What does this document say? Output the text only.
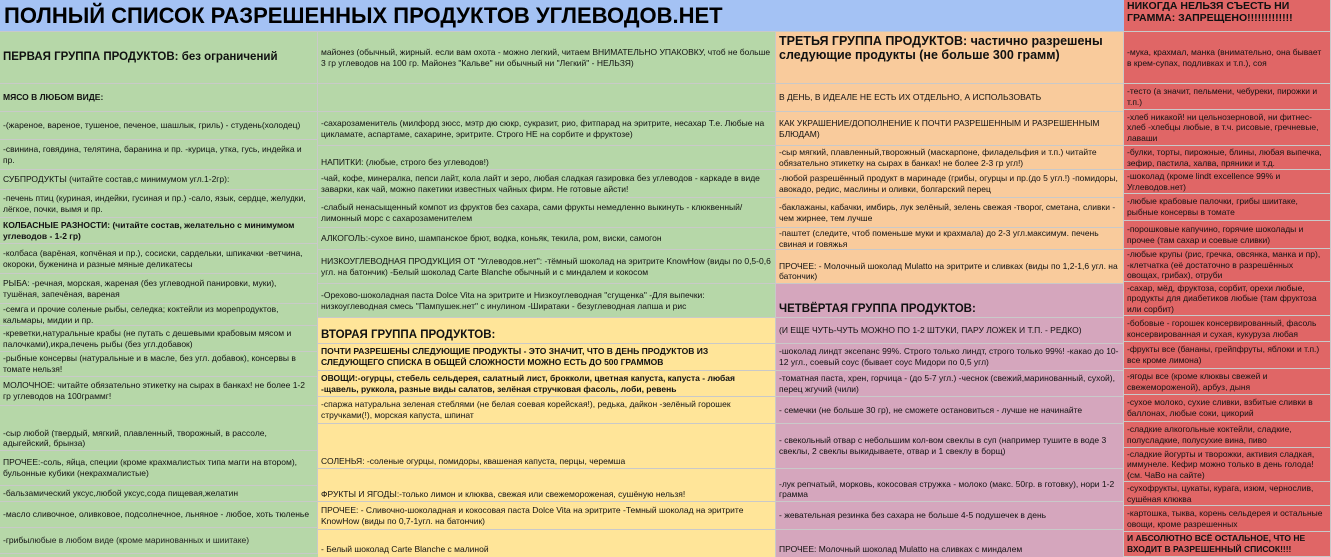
ПОЛНЫЙ СПИСОК РАЗРЕШЕННЫХ ПРОДУКТОВ УГЛЕВОДОВ.НЕТ
ПЕРВАЯ ГРУППА ПРОДУКТОВ: без ограничений
МЯСО В ЛЮБОМ ВИДЕ:
-(жареное, вареное, тушеное, печеное, шашлык, гриль) - студень(холодец)
-свинина, говядина, телятина, баранина и пр. -курица, утка, гусь, индейка и пр.
СУБПРОДУКТЫ (читайте состав,с минимумом угл.1-2гр):
-печень птиц (куриная, индейки, гусиная и пр.) -сало, язык, сердце, желудки, лёгкое, почки, вымя и пр.
КОЛБАСНЫЕ РАЗНОСТИ: (читайте состав, желательно с минимумом углеводов - 1-2 гр)
-колбаса (варёная, копчёная и пр.), сосиски, сардельки, шпикачки -ветчина, окороки, буженина и разные мяные деликатесы
РЫБА: -речная, морская, жареная (без углеводной панировки, муки), тушёная, запечёная, вареная
-семга и прочие соленые рыбы, селедка; коктейли из морепродуктов, кальмары, мидии и пр.
-креветки,натуральные крабы (не путать с дешевыми крабовым мясом и палочками),икра,печень рыбы (без угл.добавок)
-рыбные консервы (натуральные и в масле, без угл. добавок), консервы в томате нельзя!
МОЛОЧНОЕ: читайте обязательно этикетку на сырах в банках! не более 1-2 гр углеводов на 100граммг!
-сыр любой (твердый, мягкий, плавленный, творожный, в рассоле, адыгейский, брынза)
ПРОЧЕЕ:-соль, яйца, специи (кроме крахмалистых типа магги на втором), бульонные кубики (некрахмалистые)
-бальзамический уксус,любой уксус,сода пищевая,желатин
-масло сливочное, оливковое, подсолнечное, льняное - любое, хоть тюленье
-грибы любые в любом виде (кроме маринованных и шиитаке)
майонез (обычный, жирный. если вам охота - можно легкий, читаем ВНИМАТЕЛЬНО УПАКОВКУ, чтоб не больше 3 гр углеводов на 100 гр. Майонез "Кальве" ни обычный ни "Легкий" - НЕЛЬЗЯ)
-сахарозаменитель (милфорд зюсс, мэтр дю сюкр, сукразит, рио, фитпарад на эритрите, несахар Т.е. Любые на цикламате, аспартаме, сахарине, эритрите. Строго НЕ на сорбите и фруктозе)
НАПИТКИ: (любые, строго без углеводов!)
-чай, кофе, минералка, пепси лайт, кола лайт и зеро, любая сладкая газировка без углеводов - каркаде в виде заварки, как чай, можно пакетики известных чайных фирм. Не готовые айсти!
-слабый ненасыщенный компот из фруктов без сахара, сами фрукты немедленно выкинуть - клюквенный/лимонный морс с сахарозаменителем
АЛКОГОЛЬ:-сухое вино, шампанское брют, водка, коньяк, текила, ром, виски, самогон
НИЗКОУГЛЕВОДНАЯ ПРОДУКЦИЯ ОТ "Углеводов.нет": -тёмный шоколад на эритрите KnowHow (виды по 0,5-0,6 угл. на батончик) -Белый шоколад Carte Blanche обычный и с миндалем и кокосом
-Орехово-шоколадная паста Dolce Vita на эритрите и Низкоуглеводная "сгущенка" -Для выпечки: низкоуглеводная смесь "Пампушек.нет" с инулином -Ширатаки - безуглеводная лапша и рис
ВТОРАЯ ГРУППА ПРОДУКТОВ:
ПОЧТИ РАЗРЕШЕНЫ СЛЕДУЮЩИЕ ПРОДУКТЫ - ЭТО ЗНАЧИТ, ЧТО В ДЕНЬ ПРОДУКТОВ ИЗ СЛЕДУЮЩЕГО СПИСКА В ОБЩЕЙ СЛОЖНОСТИ МОЖНО ЕСТЬ ДО 500 ГРАММОВ
ОВОЩИ:-огурцы, стебель сельдерея, салатный лист, брокколи, цветная капуста, капуста - любая -щавель, руккола, разные виды салатов, зелёная стручковая фасоль, лоби, ревень
-спаржа натуральна зеленая стеблями (не белая соевая корейская!), редька, дайкон -зелёный горошек стручками(!), морская капуста, шпинат
СОЛЕНЬЯ: -соленые огурцы, помидоры, квашеная капуста, перцы, черемша
ФРУКТЫ И ЯГОДЫ:-только лимон и клюква, свежая или свежемороженая, сушёную нельзя!
ПРОЧЕЕ: - Сливочно-шоколадная и кокосовая паста Dolce Vita на эритрите -Темный шоколад на эритрите KnowHow (виды по 0,7-1угл. на батончик)
- Белый шоколад Carte Blanche с малиной
ТРЕТЬЯ ГРУППА ПРОДУКТОВ: частично разрешены следующие продукты (не больше 300 грамм)
В ДЕНЬ, В ИДЕАЛЕ НЕ ЕСТЬ ИХ ОТДЕЛЬНО, А ИСПОЛЬЗОВАТЬ
КАК УКРАШЕНИЕ/ДОПОЛНЕНИЕ К ПОЧТИ РАЗРЕШЕННЫМ И РАЗРЕШЕННЫМ БЛЮДАМ)
-сыр мягкий, плавленный,творожный (маскарпоне, филадельфия и т.п.) читайте обязательно этикетку на сырах в банках! не более 2-3 гр угл!)
-любой разрешённый продукт в маринаде (грибы, огурцы и пр.(до 5 угл.!) -помидоры, авокадо, редис, маслины и оливки, болгарский перец
-баклажаны, кабачки, имбирь, лук зелёный, зелень свежая -творог, сметана, сливки - чем жирнее, тем лучше
-паштет (следите, чтоб поменьше муки и крахмала) до 2-3 угл.максимум. печень свиная и говяжья
ПРОЧЕЕ: - Молочный шоколад Mulatto на эритрите и сливках (виды по 1,2-1,6 угл. на батончик)
ЧЕТВЁРТАЯ ГРУППА ПРОДУКТОВ:
(И ЕЩЕ ЧУТЬ-ЧУТЬ МОЖНО ПО 1-2 ШТУКИ, ПАРУ ЛОЖЕК И Т.П. - РЕДКО)
-шоколад линдт эксепанс 99%. Строго только линдт, строго только 99%! -какао до 10-12 угл., соевый соус (бывает соус Мидори по 0,5 угл)
-томатная паста, хрен, горчица - (до 5-7 угл.) -чеснок (свежий,маринованный, сухой), перец жгучий (чили)
- семечки (не больше 30 гр), не сможете остановиться - лучше не начинайте
- свекольный отвар с небольшим кол-вом свеклы в суп (например тушите в воде 3 свеклы, 2 свеклы выкидываете, отвар и 1 свеклу в борщ)
-лук репчатый, морковь, кокосовая стружка - молоко (макс. 50гр. в готовку), нори 1-2 грамма
- жевательная резинка без сахара не больше 4-5 подушечек в день
ПРОЧЕЕ: Молочный шоколад Mulatto на сливках с миндалем
НИКОГДА НЕЛЬЗЯ СЪЕСТЬ НИ ГРАММА: ЗАПРЕЩЕНО!!!!!!!!!!!!!
-мука, крахмал, манка (внимательно, она бывает в крем-супах, подливках и т.п.), соя
-тесто (а значит, пельмени, чебуреки, пирожки и т.п.)
-хлеб никакой! ни цельнозерновой, ни фитнес-хлеб -хлебцы любые, в т.ч. рисовые, гречневые, лаваши
-булки, торты, пирожные, блины, любая выпечка, зефир, пастила, халва, пряники и т.д.
-шоколад (кроме lindt excellence 99% и Углеводов.нет)
-любые крабовые палочки, грибы шиитаке, рыбные консервы в томате
-порошковые капучино, горячие шоколады и прочее (там сахар и соевые сливки)
-любые крупы (рис, гречка, овсянка, манка и пр), -клетчатка (её достаточно в разрешённых овощах, грибах), отруби
-сахар, мёд, фруктоза, сорбит, орехи любые, продукты для диабетиков любые (там фруктоза или сорбит)
-бобовые - горошек консервированный, фасоль консервированная и сухая, кукуруза любая
-фрукты все (бананы, грейпфруты, яблоки и т.п.) все кроме лимона)
-ягоды все (кроме клюквы свежей и свежемороженой), арбуз, дыня
-сухое молоко, сухие сливки, взбитые сливки в баллонах, любые соки, цикорий
-сладкие алкогольные коктейли, сладкие, полусладкие, полусухие вина, пиво
-сладкие йогурты и творожки, активия сладкая, иммунеле. Кефир можно только в день голода! (см. ЧаВо на сайте)
-сухофрукты, цукаты, курага, изюм, чернослив, сушёная клюква
-картошка, тыква, корень сельдерея и остальные овощи, кроме разрешенных
И АБСОЛЮТНО ВСЁ ОСТАЛЬНОЕ, ЧТО НЕ ВХОДИТ В РАЗРЕШЕННЫЙ СПИСОК!!!!
